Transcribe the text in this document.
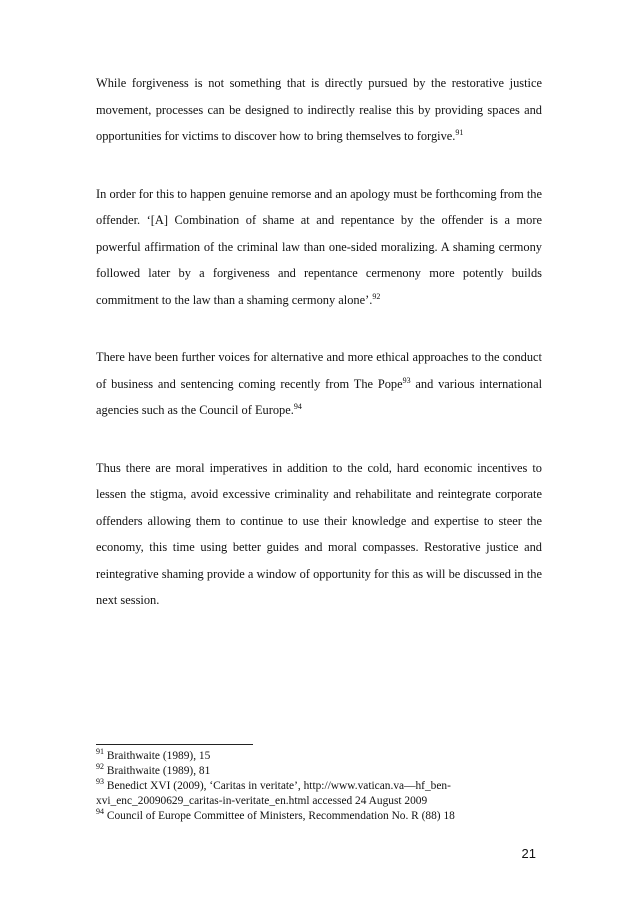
While forgiveness is not something that is directly pursued by the restorative justice movement, processes can be designed to indirectly realise this by providing spaces and opportunities for victims to discover how to bring themselves to forgive.$^{91}$

In order for this to happen genuine remorse and an apology must be forthcoming from the offender. ‘[A] Combination of shame at and repentance by the offender is a more powerful affirmation of the criminal law than one-sided moralizing. A shaming cermony followed later by a forgiveness and repentance cermenony more potently builds commitment to the law than a shaming cermony alone’.$^{92}$

There have been further voices for alternative and more ethical approaches to the conduct of business and sentencing coming recently from The Pope$^{93}$ and various international agencies such as the Council of Europe.$^{94}$

Thus there are moral imperatives in addition to the cold, hard economic incentives to lessen the stigma, avoid excessive criminality and rehabilitate and reintegrate corporate offenders allowing them to continue to use their knowledge and expertise to steer the economy, this time using better guides and moral compasses. Restorative justice and reintegrative shaming provide a window of opportunity for this as will be discussed in the next session.

$^{91}$ Braithwaite (1989), 15

$^{92}$ Braithwaite (1989), 81

$^{93}$ Benedict XVI (2009), ‘Caritas in veritate’, http://www.vatican.va—hf_ben-xvi_enc_20090629_caritas-in-veritate_en.html accessed 24 August 2009

$^{94}$ Council of Europe Committee of Ministers, Recommendation No. R (88) 18

21
